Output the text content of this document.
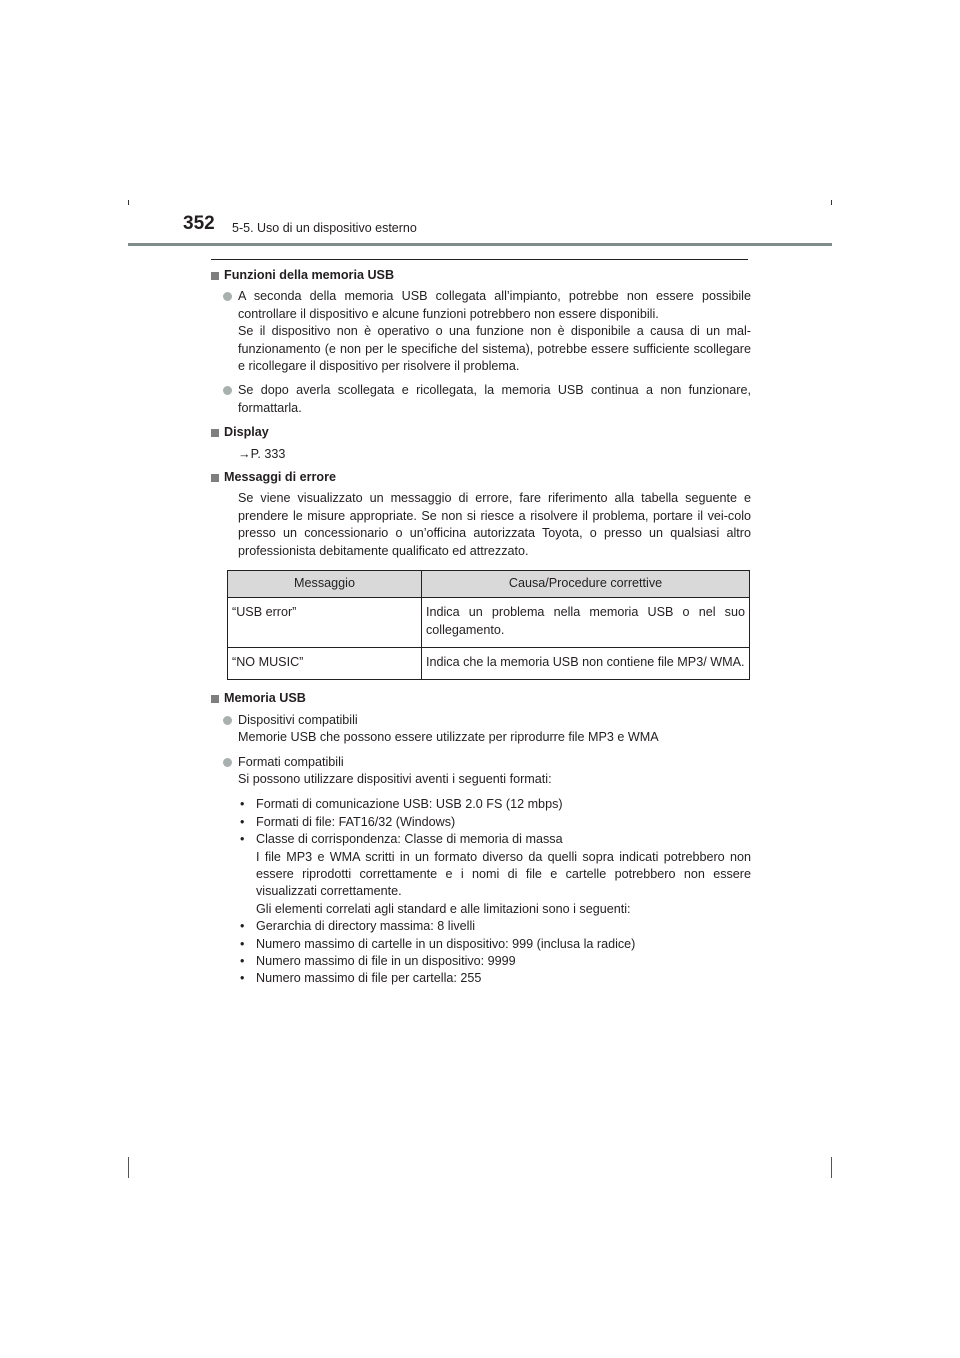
352 5-5. Uso di un dispositivo esterno
Funzioni della memoria USB
A seconda della memoria USB collegata all’impianto, potrebbe non essere possibile controllare il dispositivo e alcune funzioni potrebbero non essere disponibili.
Se il dispositivo non è operativo o una funzione non è disponibile a causa di un mal-funzionamento (e non per le specifiche del sistema), potrebbe essere sufficiente scollegare e ricollegare il dispositivo per risolvere il problema.
Se dopo averla scollegata e ricollegata, la memoria USB continua a non funzionare, formattarla.
Display
→P. 333
Messaggi di errore
Se viene visualizzato un messaggio di errore, fare riferimento alla tabella seguente e prendere le misure appropriate. Se non si riesce a risolvere il problema, portare il vei-colo presso un concessionario o un’officina autorizzata Toyota, o presso un qualsiasi altro professionista debitamente qualificato ed attrezzato.
Messaggio	Causa/Procedure correttive
“USB error”	Indica un problema nella memoria USB o nel suo collegamento.
“NO MUSIC”	Indica che la memoria USB non contiene file MP3/ WMA.
Memoria USB
Dispositivi compatibili
Memorie USB che possono essere utilizzate per riprodurre file MP3 e WMA
Formati compatibili
Si possono utilizzare dispositivi aventi i seguenti formati:
• Formati di comunicazione USB: USB 2.0 FS (12 mbps)
• Formati di file: FAT16/32 (Windows)
• Classe di corrispondenza: Classe di memoria di massa
I file MP3 e WMA scritti in un formato diverso da quelli sopra indicati potrebbero non essere riprodotti correttamente e i nomi di file e cartelle potrebbero non essere visualizzati correttamente.
Gli elementi correlati agli standard e alle limitazioni sono i seguenti:
• Gerarchia di directory massima: 8 livelli
• Numero massimo di cartelle in un dispositivo: 999 (inclusa la radice)
• Numero massimo di file in un dispositivo: 9999
• Numero massimo di file per cartella: 255
